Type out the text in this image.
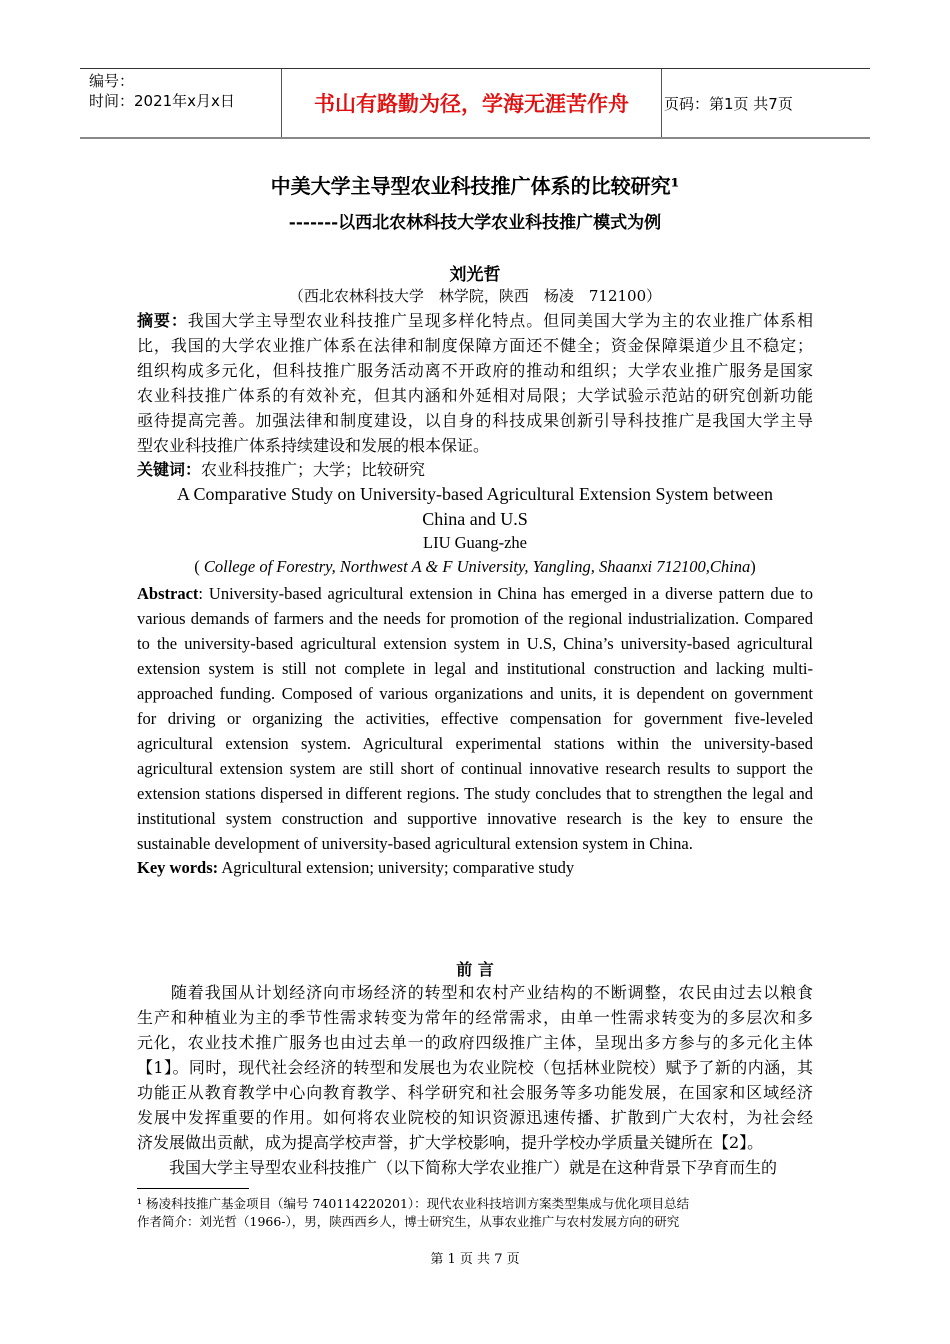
编号：
时间：2021年x月x日	书山有路勤为径，学海无涯苦作舟	页码：第1页 共7页
中美大学主导型农业科技推广体系的比较研究¹
-------以西北农林科技大学农业科技推广模式为例
刘光哲
（西北农林科技大学　林学院，陕西　杨凌　712100）
摘要：我国大学主导型农业科技推广呈现多样化特点。但同美国大学为主的农业推广体系相
比，我国的大学农业推广体系在法律和制度保障方面还不健全；资金保障渠道少且不稳定；
组织构成多元化，但科技推广服务活动离不开政府的推动和组织；大学农业推广服务是国家
农业科技推广体系的有效补充，但其内涵和外延相对局限；大学试验示范站的研究创新功能
亟待提高完善。加强法律和制度建设，以自身的科技成果创新引导科技推广是我国大学主导
型农业科技推广体系持续建设和发展的根本保证。
关键词：农业科技推广；大学；比较研究
A Comparative Study on University-based Agricultural Extension System between
China and U.S
LIU Guang-zhe
( College of Forestry, Northwest A & F University, Yangling, Shaanxi 712100,China)
Abstract: University-based agricultural extension in China has emerged in a diverse pattern due to
various demands of farmers and the needs for promotion of the regional industrialization. Compared
to the university-based agricultural extension system in U.S, China’s university-based agricultural
extension system is still not complete in legal and institutional construction and lacking multi-
approached funding. Composed of various organizations and units, it is dependent on government
for driving or organizing the activities, effective compensation for government five-leveled
agricultural extension system. Agricultural experimental stations within the university-based
agricultural extension system are still short of continual innovative research results to support the
extension stations dispersed in different regions. The study concludes that to strengthen the legal and
institutional system construction and supportive innovative research is the key to ensure the
sustainable development of university-based agricultural extension system in China.
Key words: Agricultural extension; university; comparative study
前 言
　　随着我国从计划经济向市场经济的转型和农村产业结构的不断调整，农民由过去以粮食
生产和种植业为主的季节性需求转变为常年的经常需求，由单一性需求转变为的多层次和多
元化，农业技术推广服务也由过去单一的政府四级推广主体，呈现出多方参与的多元化主体
【1】。同时，现代社会经济的转型和发展也为农业院校（包括林业院校）赋予了新的内涵，其
功能正从教育教学中心向教育教学、科学研究和社会服务等多功能发展，在国家和区域经济
发展中发挥重要的作用。如何将农业院校的知识资源迅速传播、扩散到广大农村，为社会经
济发展做出贡献，成为提高学校声誉，扩大学校影响，提升学校办学质量关键所在【2】。
　　我国大学主导型农业科技推广（以下简称大学农业推广）就是在这种背景下孕育而生的
¹ 杨凌科技推广基金项目（编号 740114220201）：现代农业科技培训方案类型集成与优化项目总结
作者简介：刘光哲（1966-），男，陕西西乡人，博士研究生，从事农业推广与农村发展方向的研究
第 1 页 共 7 页
